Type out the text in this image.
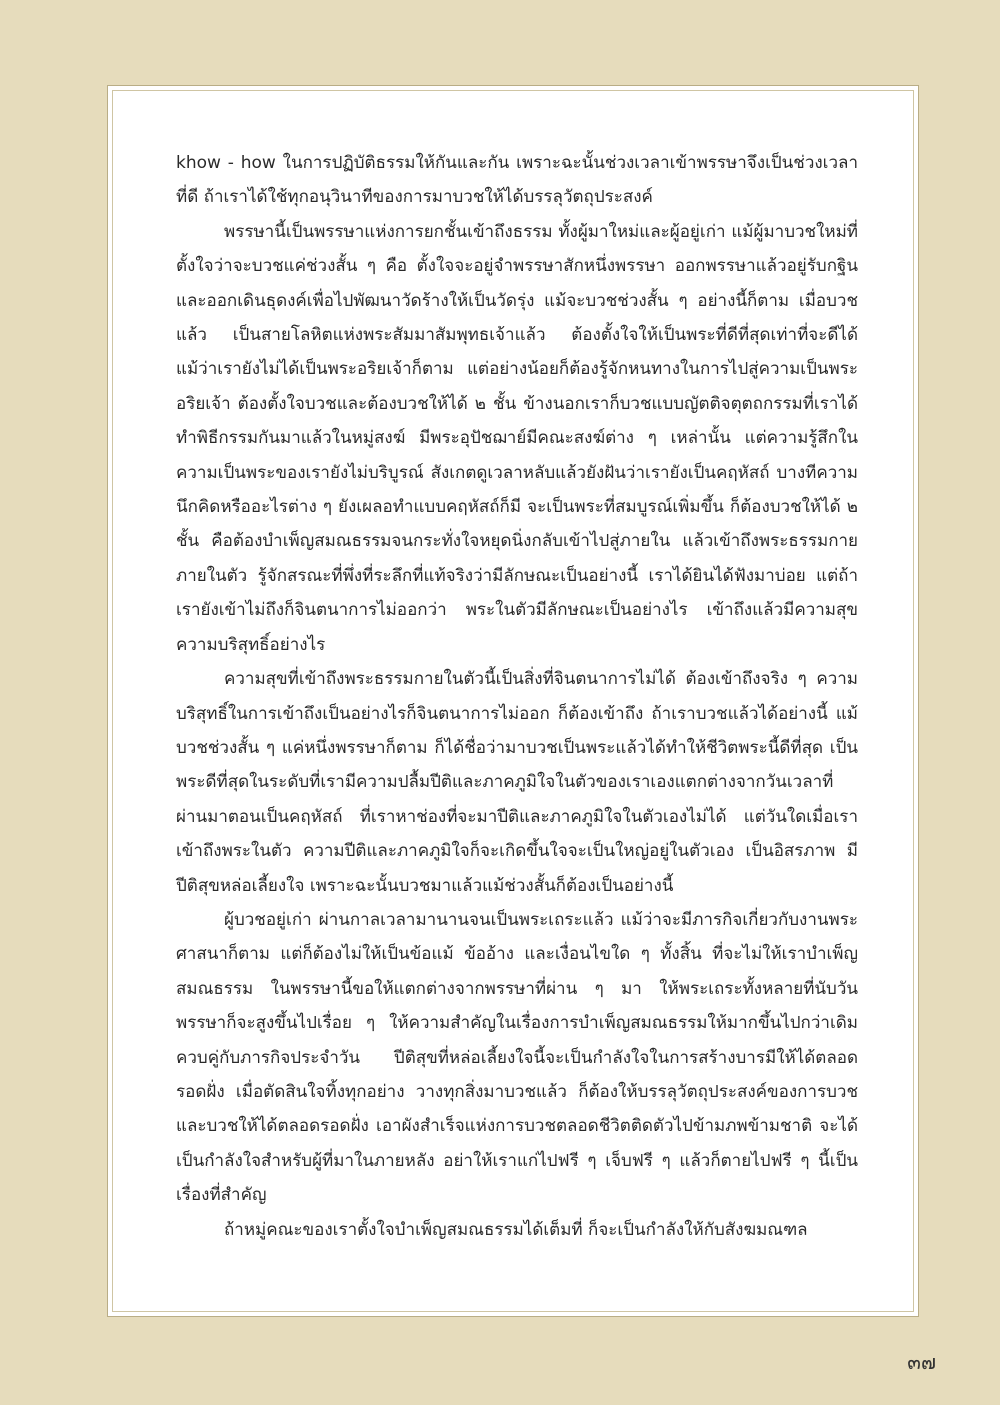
khow - how ในการปฏิบัติธรรมให้กันและกัน เพราะฉะนั้นช่วงเวลาเข้าพรรษาจึงเป็นช่วงเวลาที่ดี ถ้าเราได้ใช้ทุกอนุวินาทีของการมาบวชให้ได้บรรลุวัตถุประสงค์

พรรษานี้เป็นพรรษาแห่งการยกชั้นเข้าถึงธรรม ทั้งผู้มาใหม่และผู้อยู่เก่า แม้ผู้มาบวชใหม่ที่ตั้งใจว่าจะบวชแค่ช่วงสั้น ๆ คือ ตั้งใจจะอยู่จำพรรษาสักหนึ่งพรรษา ออกพรรษาแล้วอยู่รับกฐินและออกเดินธุดงค์เพื่อไปพัฒนาวัดร้างให้เป็นวัดรุ่ง แม้จะบวชช่วงสั้น ๆ อย่างนี้ก็ตาม เมื่อบวชแล้ว เป็นสายโลหิตแห่งพระสัมมาสัมพุทธเจ้าแล้ว ต้องตั้งใจให้เป็นพระที่ดีที่สุดเท่าที่จะดีได้ แม้ว่าเรายังไม่ได้เป็นพระอริยเจ้าก็ตาม แต่อย่างน้อยก็ต้องรู้จักหนทางในการไปสู่ความเป็นพระอริยเจ้า ต้องตั้งใจบวชและต้องบวชให้ได้ ๒ ชั้น ข้างนอกเราก็บวชแบบญัตติจตุตถกรรมที่เราได้ทำพิธีกรรมกันมาแล้วในหมู่สงฆ์ มีพระอุปัชฌาย์มีคณะสงฆ์ต่าง ๆ เหล่านั้น แต่ความรู้สึกในความเป็นพระของเรายังไม่บริบูรณ์ สังเกตดูเวลาหลับแล้วยังฝันว่าเรายังเป็นคฤหัสถ์ บางทีความนึกคิดหรืออะไรต่าง ๆ ยังเผลอทำแบบคฤหัสถ์ก็มี จะเป็นพระที่สมบูรณ์เพิ่มขึ้น ก็ต้องบวชให้ได้ ๒ ชั้น คือต้องบำเพ็ญสมณธรรมจนกระทั่งใจหยุดนิ่งกลับเข้าไปสู่ภายใน แล้วเข้าถึงพระธรรมกายภายในตัว รู้จักสรณะที่พึ่งที่ระลึกที่แท้จริงว่ามีลักษณะเป็นอย่างนี้ เราได้ยินได้ฟังมาบ่อย แต่ถ้าเรายังเข้าไม่ถึงก็จินตนาการไม่ออกว่า พระในตัวมีลักษณะเป็นอย่างไร เข้าถึงแล้วมีความสุข ความบริสุทธิ์อย่างไร

ความสุขที่เข้าถึงพระธรรมกายในตัวนี้เป็นสิ่งที่จินตนาการไม่ได้ ต้องเข้าถึงจริง ๆ ความบริสุทธิ์ในการเข้าถึงเป็นอย่างไรก็จินตนาการไม่ออก ก็ต้องเข้าถึง ถ้าเราบวชแล้วได้อย่างนี้ แม้บวชช่วงสั้น ๆ แค่หนึ่งพรรษาก็ตาม ก็ได้ชื่อว่ามาบวชเป็นพระแล้วได้ทำให้ชีวิตพระนี้ดีที่สุด เป็นพระดีที่สุดในระดับที่เรามีความปลื้มปีติและภาคภูมิใจในตัวของเราเองแตกต่างจากวันเวลาที่ผ่านมาตอนเป็นคฤหัสถ์ ที่เราหาช่องที่จะมาปีติและภาคภูมิใจในตัวเองไม่ได้ แต่วันใดเมื่อเราเข้าถึงพระในตัว ความปีติและภาคภูมิใจก็จะเกิดขึ้นใจจะเป็นใหญ่อยู่ในตัวเอง เป็นอิสรภาพ มีปีติสุขหล่อเลี้ยงใจ เพราะฉะนั้นบวชมาแล้วแม้ช่วงสั้นก็ต้องเป็นอย่างนี้

ผู้บวชอยู่เก่า ผ่านกาลเวลามานานจนเป็นพระเถระแล้ว แม้ว่าจะมีภารกิจเกี่ยวกับงานพระศาสนาก็ตาม แต่ก็ต้องไม่ให้เป็นข้อแม้ ข้ออ้าง และเงื่อนไขใด ๆ ทั้งสิ้น ที่จะไม่ให้เราบำเพ็ญสมณธรรม ในพรรษานี้ขอให้แตกต่างจากพรรษาที่ผ่าน ๆ มา ให้พระเถระทั้งหลายที่นับวันพรรษาก็จะสูงขึ้นไปเรื่อย ๆ ให้ความสำคัญในเรื่องการบำเพ็ญสมณธรรมให้มากขึ้นไปกว่าเดิม ควบคู่กับภารกิจประจำวัน ปีติสุขที่หล่อเลี้ยงใจนี้จะเป็นกำลังใจในการสร้างบารมีให้ได้ตลอดรอดฝั่ง เมื่อตัดสินใจทิ้งทุกอย่าง วางทุกสิ่งมาบวชแล้ว ก็ต้องให้บรรลุวัตถุประสงค์ของการบวช และบวชให้ได้ตลอดรอดฝั่ง เอาผังสำเร็จแห่งการบวชตลอดชีวิตติดตัวไปข้ามภพข้ามชาติ จะได้เป็นกำลังใจสำหรับผู้ที่มาในภายหลัง อย่าให้เราแก่ไปฟรี ๆ เจ็บฟรี ๆ แล้วก็ตายไปฟรี ๆ นี้เป็นเรื่องที่สำคัญ

ถ้าหมู่คณะของเราตั้งใจบำเพ็ญสมณธรรมได้เต็มที่ ก็จะเป็นกำลังให้กับสังฆมณฑล

๓๗
